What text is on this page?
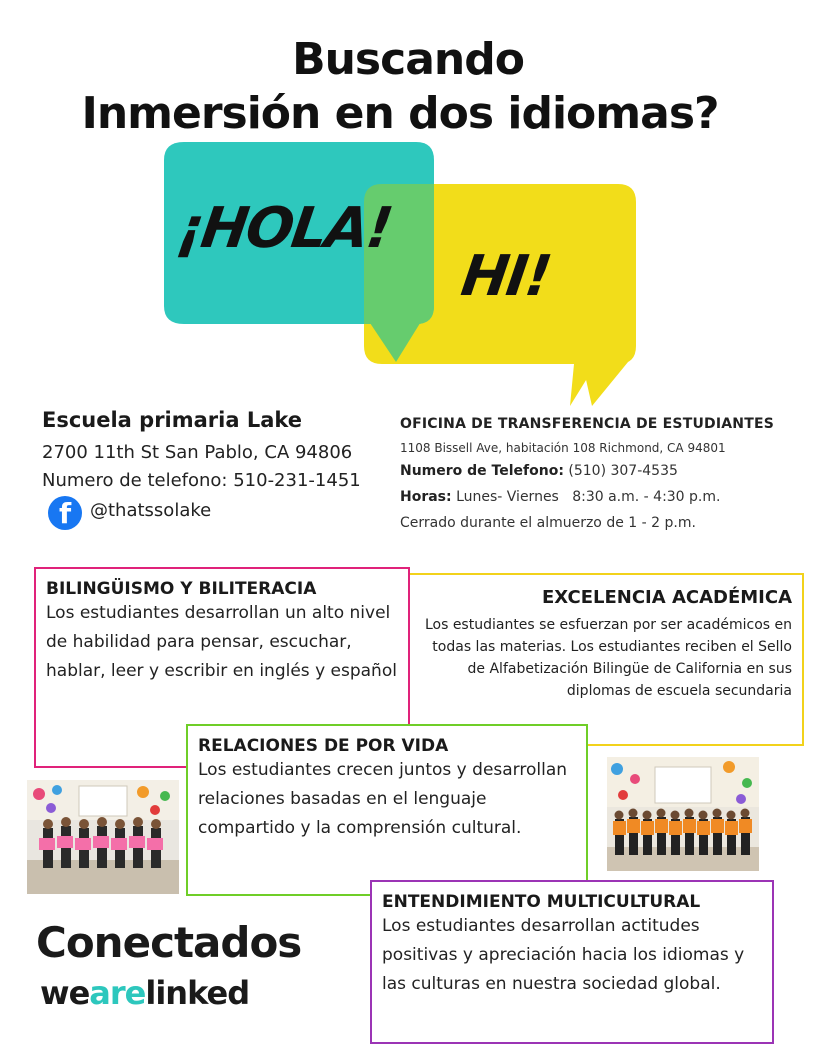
Buscando
Inmersión en dos idiomas?
¡HOLA!
HI!
Escuela primaria Lake
2700 11th St San Pablo, CA 94806
Numero de telefono: 510-231-1451
f @thatssolake
OFICINA DE TRANSFERENCIA DE ESTUDIANTES
1108 Bissell Ave, habitación 108 Richmond, CA 94801
Numero de Telefono: (510) 307-4535
Horas: Lunes- Viernes   8:30 a.m. - 4:30 p.m.
Cerrado durante el almuerzo de 1 - 2 p.m.

EXCELENCIA ACADÉMICA

Los estudiantes se esfuerzan por ser académicos en todas las materias. Los estudiantes reciben el Sello de Alfabetización Bilingüe de California en sus diplomas de escuela secundaria

BILINGÜISMO Y BILITERACIA

Los estudiantes desarrollan un alto nivel de habilidad para pensar, escuchar, hablar, leer y escribir en inglés y español

RELACIONES DE POR VIDA

Los estudiantes crecen juntos y desarrollan relaciones basadas en el lenguaje compartido y la comprensión cultural.

ENTENDIMIENTO MULTICULTURAL

Los estudiantes desarrollan actitudes positivas y apreciación hacia los idiomas y las culturas en nuestra sociedad global.

Conectados
wearelinked
